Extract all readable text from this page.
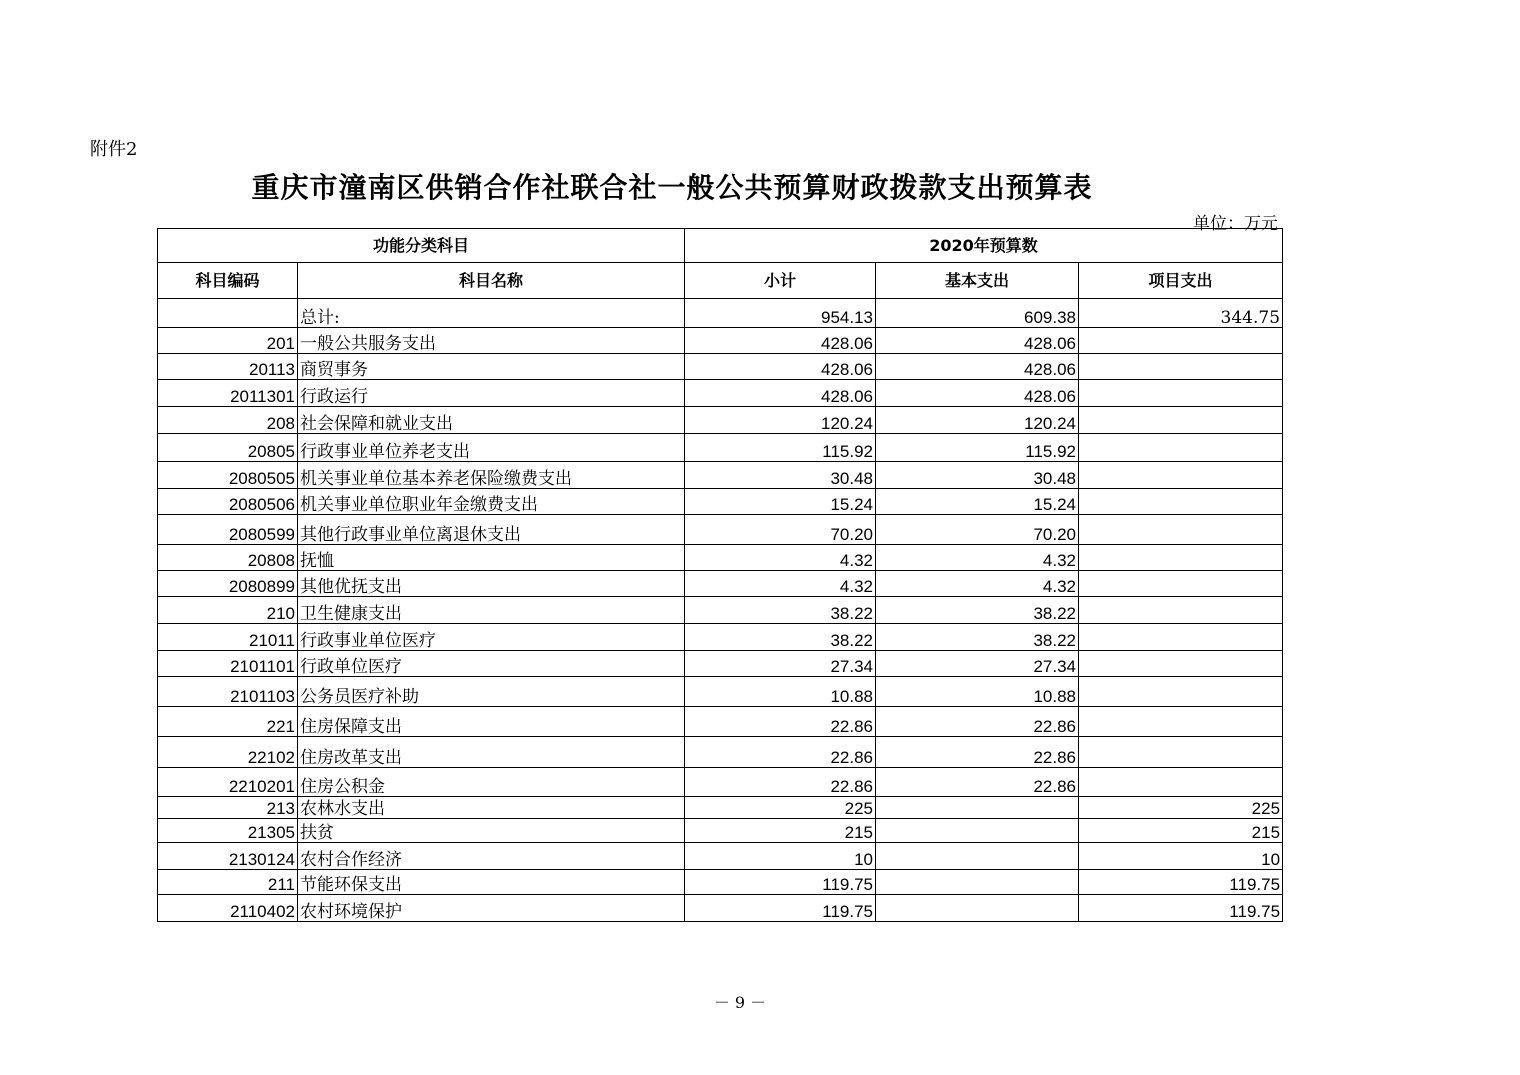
附件2
重庆市潼南区供销合作社联合社一般公共预算财政拨款支出预算表
单位：万元
功能分类科目		2020年预算数		
科目编码	科目名称	小计	基本支出	项目支出
	总计:	954.13	609.38	344.75
201	一般公共服务支出	428.06	428.06	
20113	商贸事务	428.06	428.06	
2011301	行政运行	428.06	428.06	
208	社会保障和就业支出	120.24	120.24	
20805	行政事业单位养老支出	115.92	115.92	
2080505	机关事业单位基本养老保险缴费支出	30.48	30.48	
2080506	机关事业单位职业年金缴费支出	15.24	15.24	
2080599	其他行政事业单位离退休支出	70.20	70.20	
20808	抚恤	4.32	4.32	
2080899	其他优抚支出	4.32	4.32	
210	卫生健康支出	38.22	38.22	
21011	行政事业单位医疗	38.22	38.22	
2101101	行政单位医疗	27.34	27.34	
2101103	公务员医疗补助	10.88	10.88	
221	住房保障支出	22.86	22.86	
22102	住房改革支出	22.86	22.86	
2210201	住房公积金	22.86	22.86	
213	农林水支出	225		225
21305	扶贫	215		215
2130124	农村合作经济	10		10
211	节能环保支出	119.75		119.75
2110402	农村环境保护	119.75		119.75
－ 9 －
